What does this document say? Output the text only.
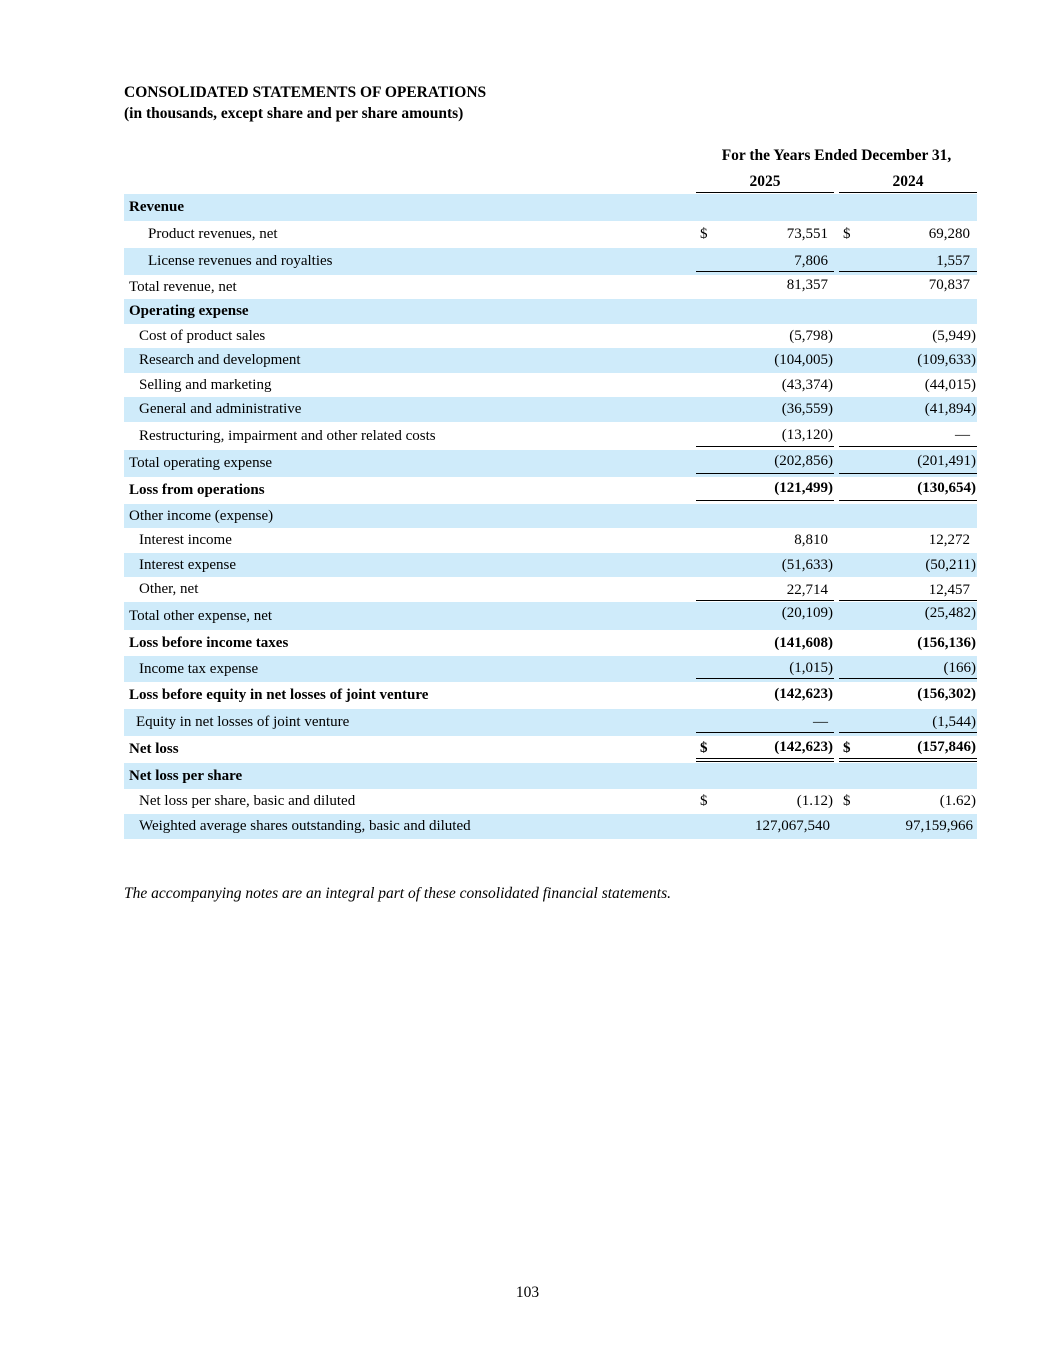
CONSOLIDATED STATEMENTS OF OPERATIONS
(in thousands, except share and per share amounts)
For the Years Ended December 31,
2025	2024
Revenue
Product revenues, net	$	73,551	$	69,280
License revenues and royalties	7,806	1,557
Total revenue, net	81,357	70,837
Operating expense
Cost of product sales	(5,798)	(5,949)
Research and development	(104,005)	(109,633)
Selling and marketing	(43,374)	(44,015)
General and administrative	(36,559)	(41,894)
Restructuring, impairment and other related costs	(13,120)	—
Total operating expense	(202,856)	(201,491)
Loss from operations	(121,499)	(130,654)
Other income (expense)
Interest income	8,810	12,272
Interest expense	(51,633)	(50,211)
Other, net	22,714	12,457
Total other expense, net	(20,109)	(25,482)
Loss before income taxes	(141,608)	(156,136)
Income tax expense	(1,015)	(166)
Loss before equity in net losses of joint venture	(142,623)	(156,302)
Equity in net losses of joint venture	—	(1,544)
Net loss	$	(142,623) $	(157,846)
Net loss per share
Net loss per share, basic and diluted	$	(1.12) $	(1.62)
Weighted average shares outstanding, basic and diluted	127,067,540	97,159,966
The accompanying notes are an integral part of these consolidated financial statements.
103
